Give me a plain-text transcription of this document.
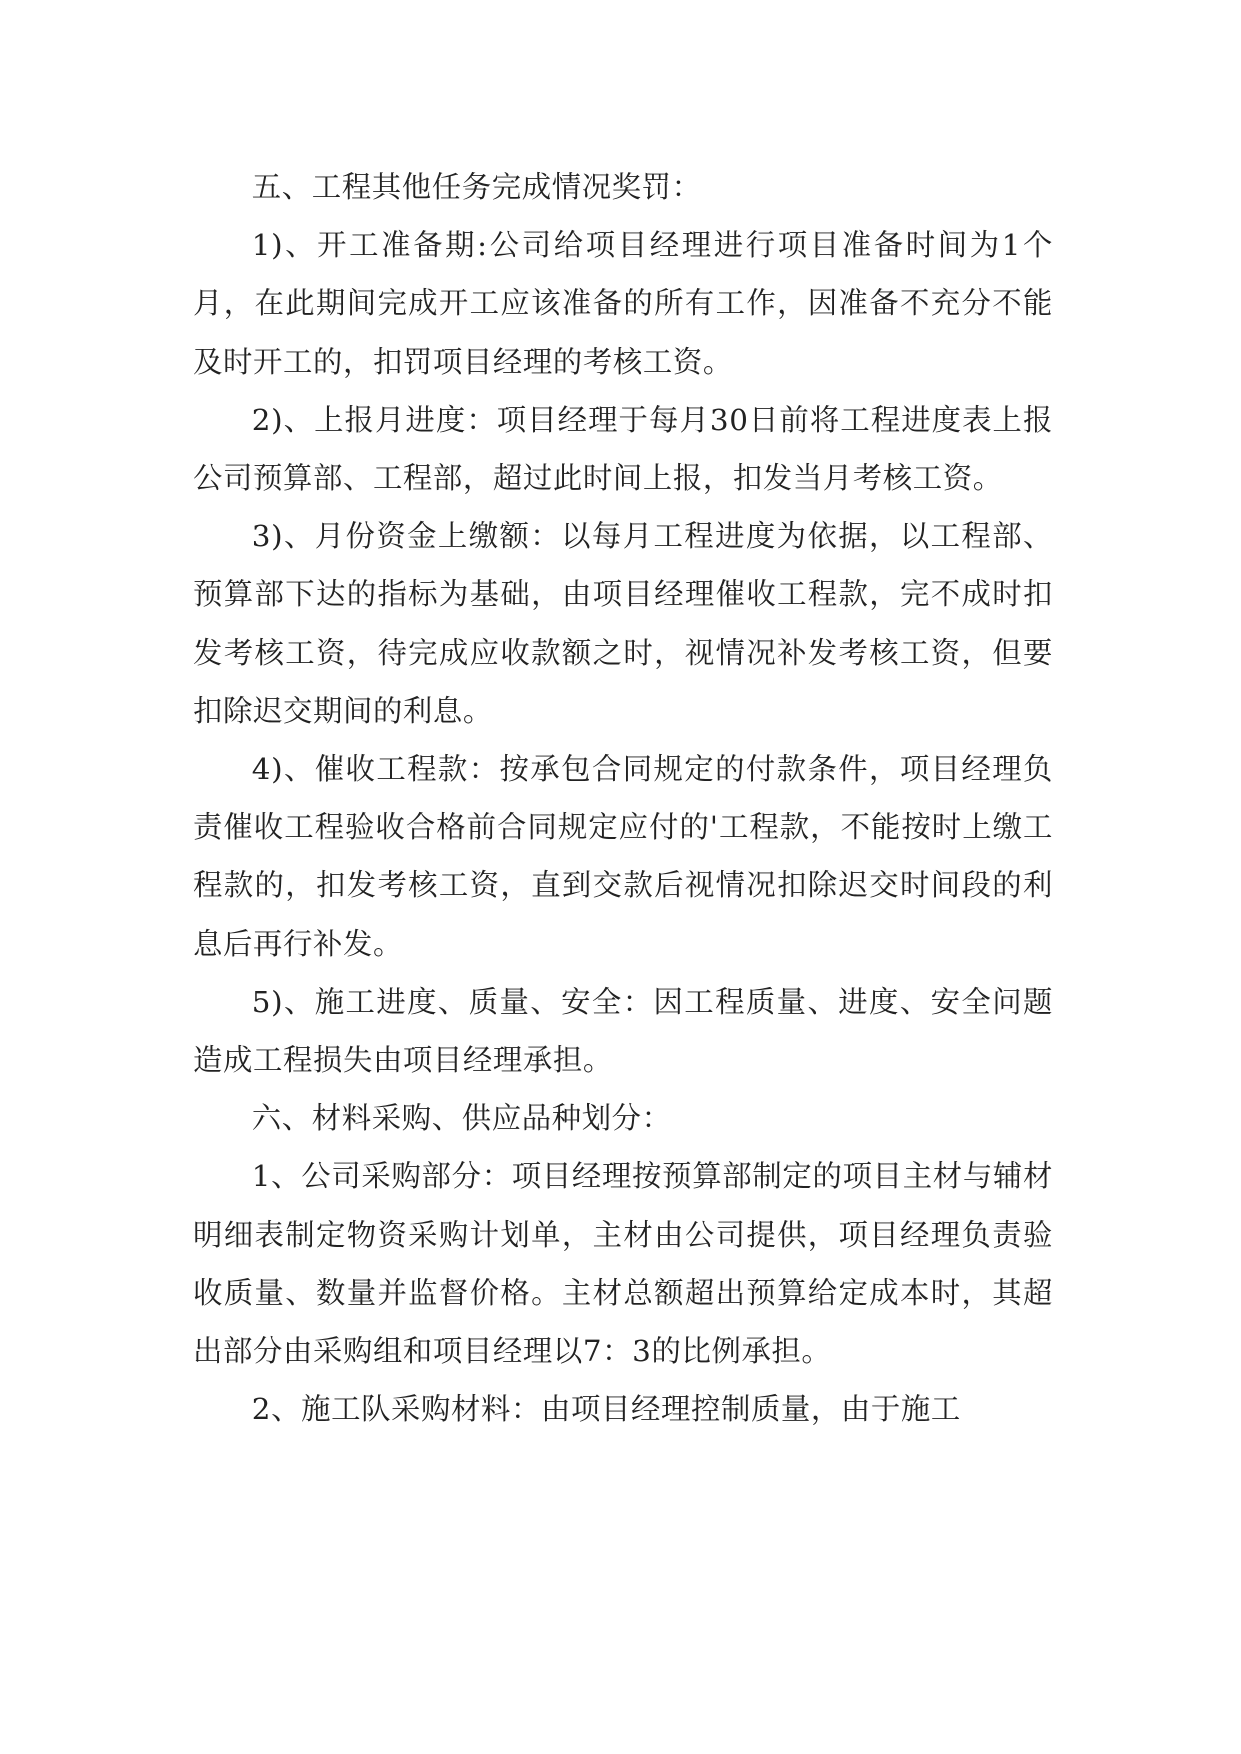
五、工程其他任务完成情况奖罚：

1)、开工准备期:公司给项目经理进行项目准备时间为1个月，在此期间完成开工应该准备的所有工作，因准备不充分不能及时开工的，扣罚项目经理的考核工资。

2)、上报月进度：项目经理于每月30日前将工程进度表上报公司预算部、工程部，超过此时间上报，扣发当月考核工资。

3)、月份资金上缴额：以每月工程进度为依据，以工程部、预算部下达的指标为基础，由项目经理催收工程款，完不成时扣发考核工资，待完成应收款额之时，视情况补发考核工资，但要扣除迟交期间的利息。

4)、催收工程款：按承包合同规定的付款条件，项目经理负责催收工程验收合格前合同规定应付的'工程款，不能按时上缴工程款的，扣发考核工资，直到交款后视情况扣除迟交时间段的利息后再行补发。

5)、施工进度、质量、安全：因工程质量、进度、安全问题造成工程损失由项目经理承担。

六、材料采购、供应品种划分：

1、公司采购部分：项目经理按预算部制定的项目主材与辅材明细表制定物资采购计划单，主材由公司提供，项目经理负责验收质量、数量并监督价格。主材总额超出预算给定成本时，其超出部分由采购组和项目经理以7：3的比例承担。

2、施工队采购材料：由项目经理控制质量，由于施工
